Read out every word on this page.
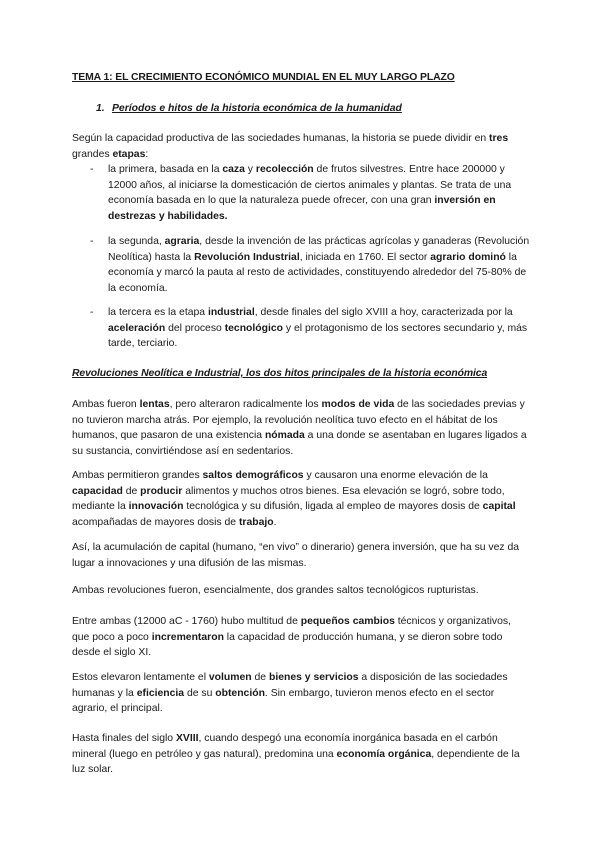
TEMA 1: EL CRECIMIENTO ECONÓMICO MUNDIAL EN EL MUY LARGO PLAZO

1. Períodos e hitos de la historia económica de la humanidad

Según la capacidad productiva de las sociedades humanas, la historia se puede dividir en tres grandes etapas:

- la primera, basada en la caza y recolección de frutos silvestres. Entre hace 200000 y 12000 años, al iniciarse la domesticación de ciertos animales y plantas. Se trata de una economía basada en lo que la naturaleza puede ofrecer, con una gran inversión en destrezas y habilidades.
- la segunda, agraria, desde la invención de las prácticas agrícolas y ganaderas (Revolución Neolítica) hasta la Revolución Industrial, iniciada en 1760. El sector agrario dominó la economía y marcó la pauta al resto de actividades, constituyendo alrededor del 75-80% de la economía.
- la tercera es la etapa industrial, desde finales del siglo XVIII a hoy, caracterizada por la aceleración del proceso tecnológico y el protagonismo de los sectores secundario y, más tarde, terciario.

Revoluciones Neolítica e Industrial, los dos hitos principales de la historia económica

Ambas fueron lentas, pero alteraron radicalmente los modos de vida de las sociedades previas y no tuvieron marcha atrás. Por ejemplo, la revolución neolítica tuvo efecto en el hábitat de los humanos, que pasaron de una existencia nómada a una donde se asentaban en lugares ligados a su sustancia, convirtiéndose así en sedentarios.

Ambas permitieron grandes saltos demográficos y causaron una enorme elevación de la capacidad de producir alimentos y muchos otros bienes. Esa elevación se logró, sobre todo, mediante la innovación tecnológica y su difusión, ligada al empleo de mayores dosis de capital acompañadas de mayores dosis de trabajo.

Así, la acumulación de capital (humano, “en vivo” o dinerario) genera inversión, que ha su vez da lugar a innovaciones y una difusión de las mismas.

Ambas revoluciones fueron, esencialmente, dos grandes saltos tecnológicos rupturistas.

Entre ambas (12000 aC - 1760) hubo multitud de pequeños cambios técnicos y organizativos, que poco a poco incrementaron la capacidad de producción humana, y se dieron sobre todo desde el siglo XI.

Estos elevaron lentamente el volumen de bienes y servicios a disposición de las sociedades humanas y la eficiencia de su obtención. Sin embargo, tuvieron menos efecto en el sector agrario, el principal.

Hasta finales del siglo XVIII, cuando despegó una economía inorgánica basada en el carbón mineral (luego en petróleo y gas natural), predomina una economía orgánica, dependiente de la luz solar.
